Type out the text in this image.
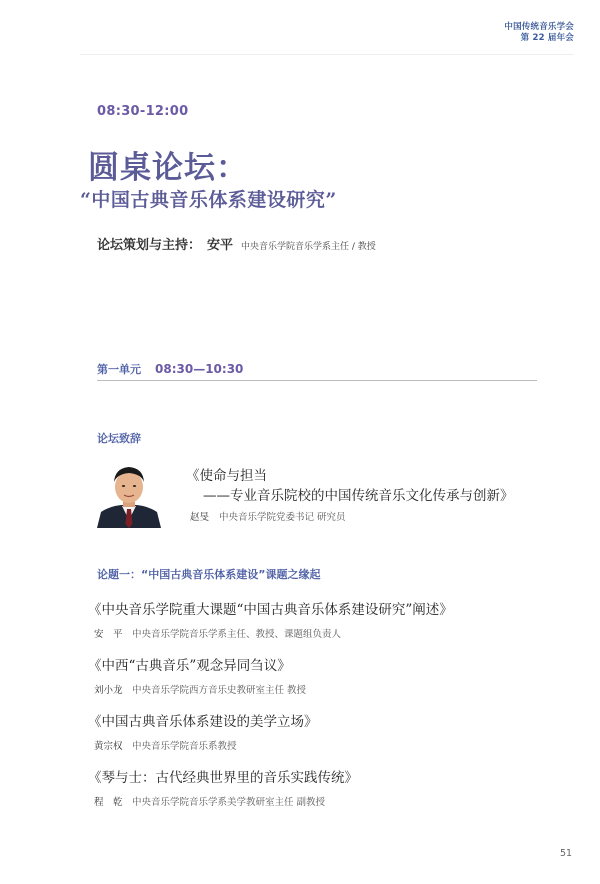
中国传统音乐学会
第 22 届年会
08:30-12:00
圆桌论坛：
“中国古典音乐体系建设研究”
论坛策划与主持： 安平 中央音乐学院音乐学系主任 / 教授
第一单元 08:30—10:30
论坛致辞
《使命与担当
——专业音乐院校的中国传统音乐文化传承与创新》
赵旻 中央音乐学院党委书记 研究员
论题一：“中国古典音乐体系建设”课题之缘起
《中央音乐学院重大课题“中国古典音乐体系建设研究”阐述》
安　平 中央音乐学院音乐学系主任、教授、课题组负责人
《中西“古典音乐”观念异同刍议》
刘小龙 中央音乐学院西方音乐史教研室主任 教授
《中国古典音乐体系建设的美学立场》
黄宗权 中央音乐学院音乐系教授
《琴与士：古代经典世界里的音乐实践传统》
程　乾 中央音乐学院音乐学系美学教研室主任 副教授
51
